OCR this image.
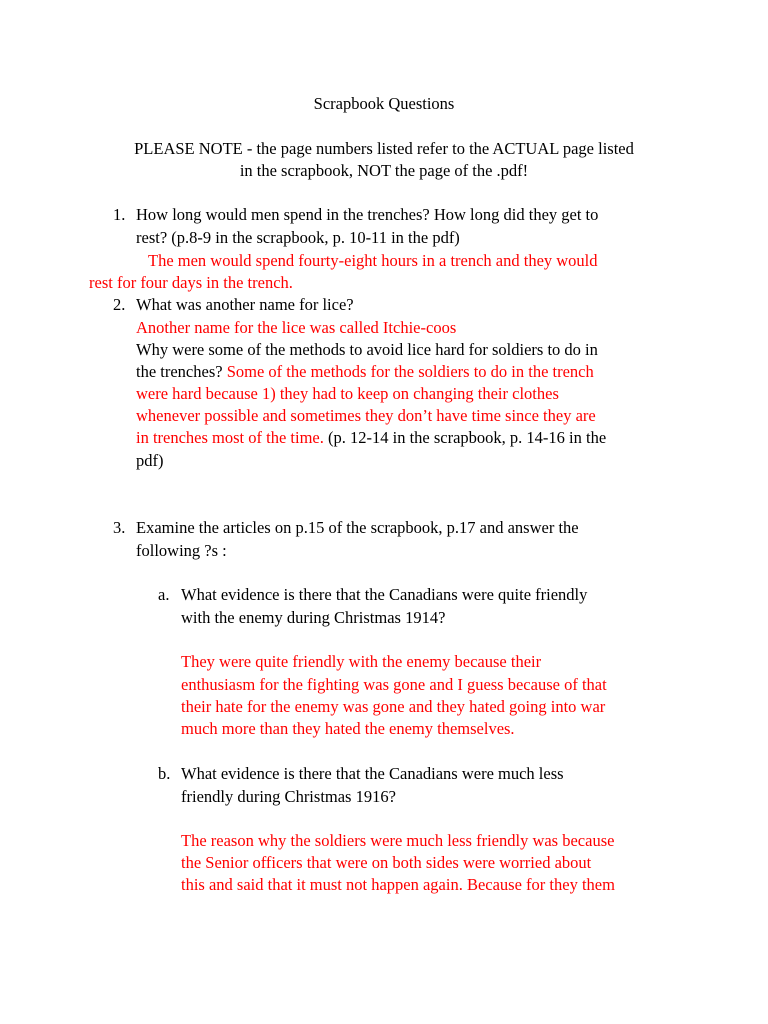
Scrapbook Questions
PLEASE NOTE - the page numbers listed refer to the ACTUAL page listed
in the scrapbook, NOT the page of the .pdf!
1. How long would men spend in the trenches? How long did they get to
rest? (p.8-9 in the scrapbook, p. 10-11 in the pdf)
The men would spend fourty-eight hours in a trench and they would
rest for four days in the trench.
2. What was another name for lice?
Another name for the lice was called Itchie-coos
Why were some of the methods to avoid lice hard for soldiers to do in
the trenches? Some of the methods for the soldiers to do in the trench
were hard because 1) they had to keep on changing their clothes
whenever possible and sometimes they don’t have time since they are
in trenches most of the time. (p. 12-14 in the scrapbook, p. 14-16 in the
pdf)
3. Examine the articles on p.15 of the scrapbook, p.17 and answer the
following ?s :
a. What evidence is there that the Canadians were quite friendly
with the enemy during Christmas 1914?
They were quite friendly with the enemy because their
enthusiasm for the fighting was gone and I guess because of that
their hate for the enemy was gone and they hated going into war
much more than they hated the enemy themselves.
b. What evidence is there that the Canadians were much less
friendly during Christmas 1916?
The reason why the soldiers were much less friendly was because
the Senior officers that were on both sides were worried about
this and said that it must not happen again. Because for they them
